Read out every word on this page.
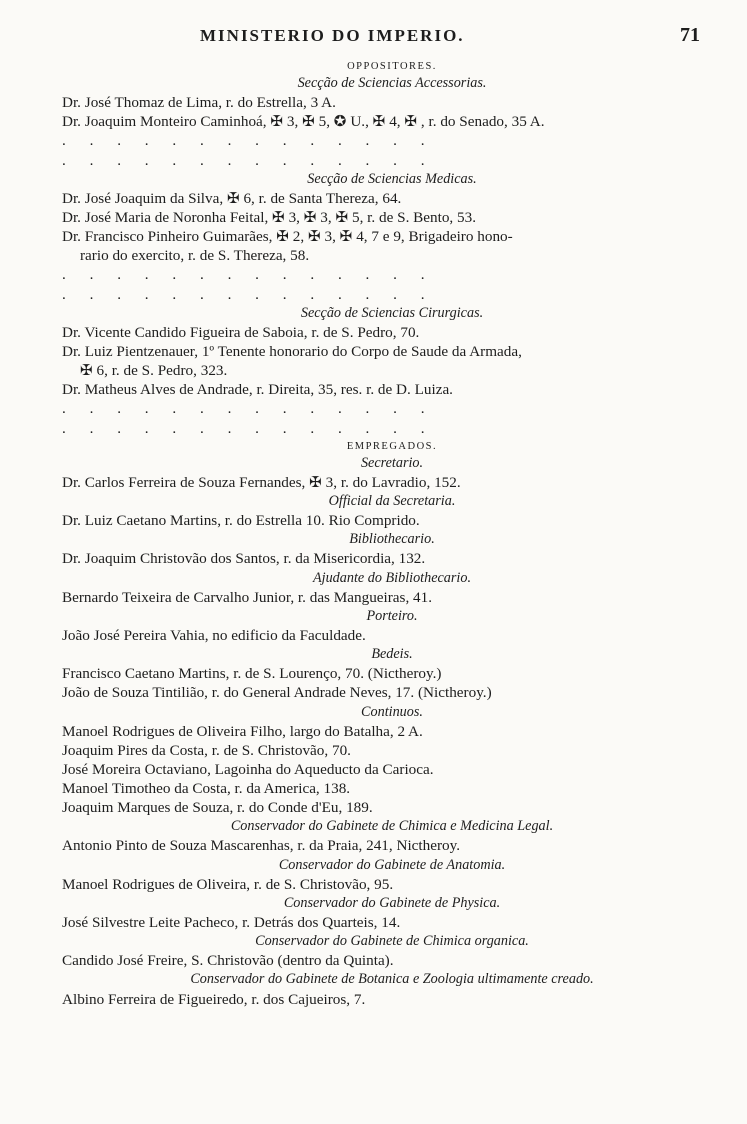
MINISTERIO DO IMPERIO.	71
OPPOSITORES.
Secção de Sciencias Accessorias.
Dr. José Thomaz de Lima, r. do Estrella, 3 A.
Dr. Joaquim Monteiro Caminhoá, ✠ 3, ✠ 5, ✪ U., ✠ 4, ✠ , r. do Senado, 35 A.
. . . . . . . . . . . . . .
. . . . . . . . . . . . . .
Secção de Sciencias Medicas.
Dr. José Joaquim da Silva, ✠ 6, r. de Santa Thereza, 64.
Dr. José Maria de Noronha Feital, ✠ 3, ✠ 3, ✠ 5, r. de S. Bento, 53.
Dr. Francisco Pinheiro Guimarães, ✠ 2, ✠ 3, ✠ 4, 7 e 9, Brigadeiro hono-
rario do exercito, r. de S. Thereza, 58.
. . . . . . . . . . . . . .
. . . . . . . . . . . . . .
Secção de Sciencias Cirurgicas.
Dr. Vicente Candido Figueira de Saboia, r. de S. Pedro, 70.
Dr. Luiz Pientzenauer, 1º Tenente honorario do Corpo de Saude da Armada,
✠ 6, r. de S. Pedro, 323.
Dr. Matheus Alves de Andrade, r. Direita, 35, res. r. de D. Luiza.
. . . . . . . . . . . . . .
. . . . . . . . . . . . . .
EMPREGADOS.
Secretario.
Dr. Carlos Ferreira de Souza Fernandes, ✠ 3, r. do Lavradio, 152.
Official da Secretaria.
Dr. Luiz Caetano Martins, r. do Estrella 10. Rio Comprido.
Bibliothecario.
Dr. Joaquim Christovão dos Santos, r. da Misericordia, 132.
Ajudante do Bibliothecario.
Bernardo Teixeira de Carvalho Junior, r. das Mangueiras, 41.
Porteiro.
João José Pereira Vahia, no edificio da Faculdade.
Bedeis.
Francisco Caetano Martins, r. de S. Lourenço, 70. (Nictheroy.)
João de Souza Tintilião, r. do General Andrade Neves, 17. (Nictheroy.)
Continuos.
Manoel Rodrigues de Oliveira Filho, largo do Batalha, 2 A.
Joaquim Pires da Costa, r. de S. Christovão, 70.
José Moreira Octaviano, Lagoinha do Aqueducto da Carioca.
Manoel Timotheo da Costa, r. da America, 138.
Joaquim Marques de Souza, r. do Conde d'Eu, 189.
Conservador do Gabinete de Chimica e Medicina Legal.
Antonio Pinto de Souza Mascarenhas, r. da Praia, 241, Nictheroy.
Conservador do Gabinete de Anatomia.
Manoel Rodrigues de Oliveira, r. de S. Christovão, 95.
Conservador do Gabinete de Physica.
José Silvestre Leite Pacheco, r. Detrás dos Quarteis, 14.
Conservador do Gabinete de Chimica organica.
Candido José Freire, S. Christovão (dentro da Quinta).
Conservador do Gabinete de Botanica e Zoologia ultimamente creado.
Albino Ferreira de Figueiredo, r. dos Cajueiros, 7.
